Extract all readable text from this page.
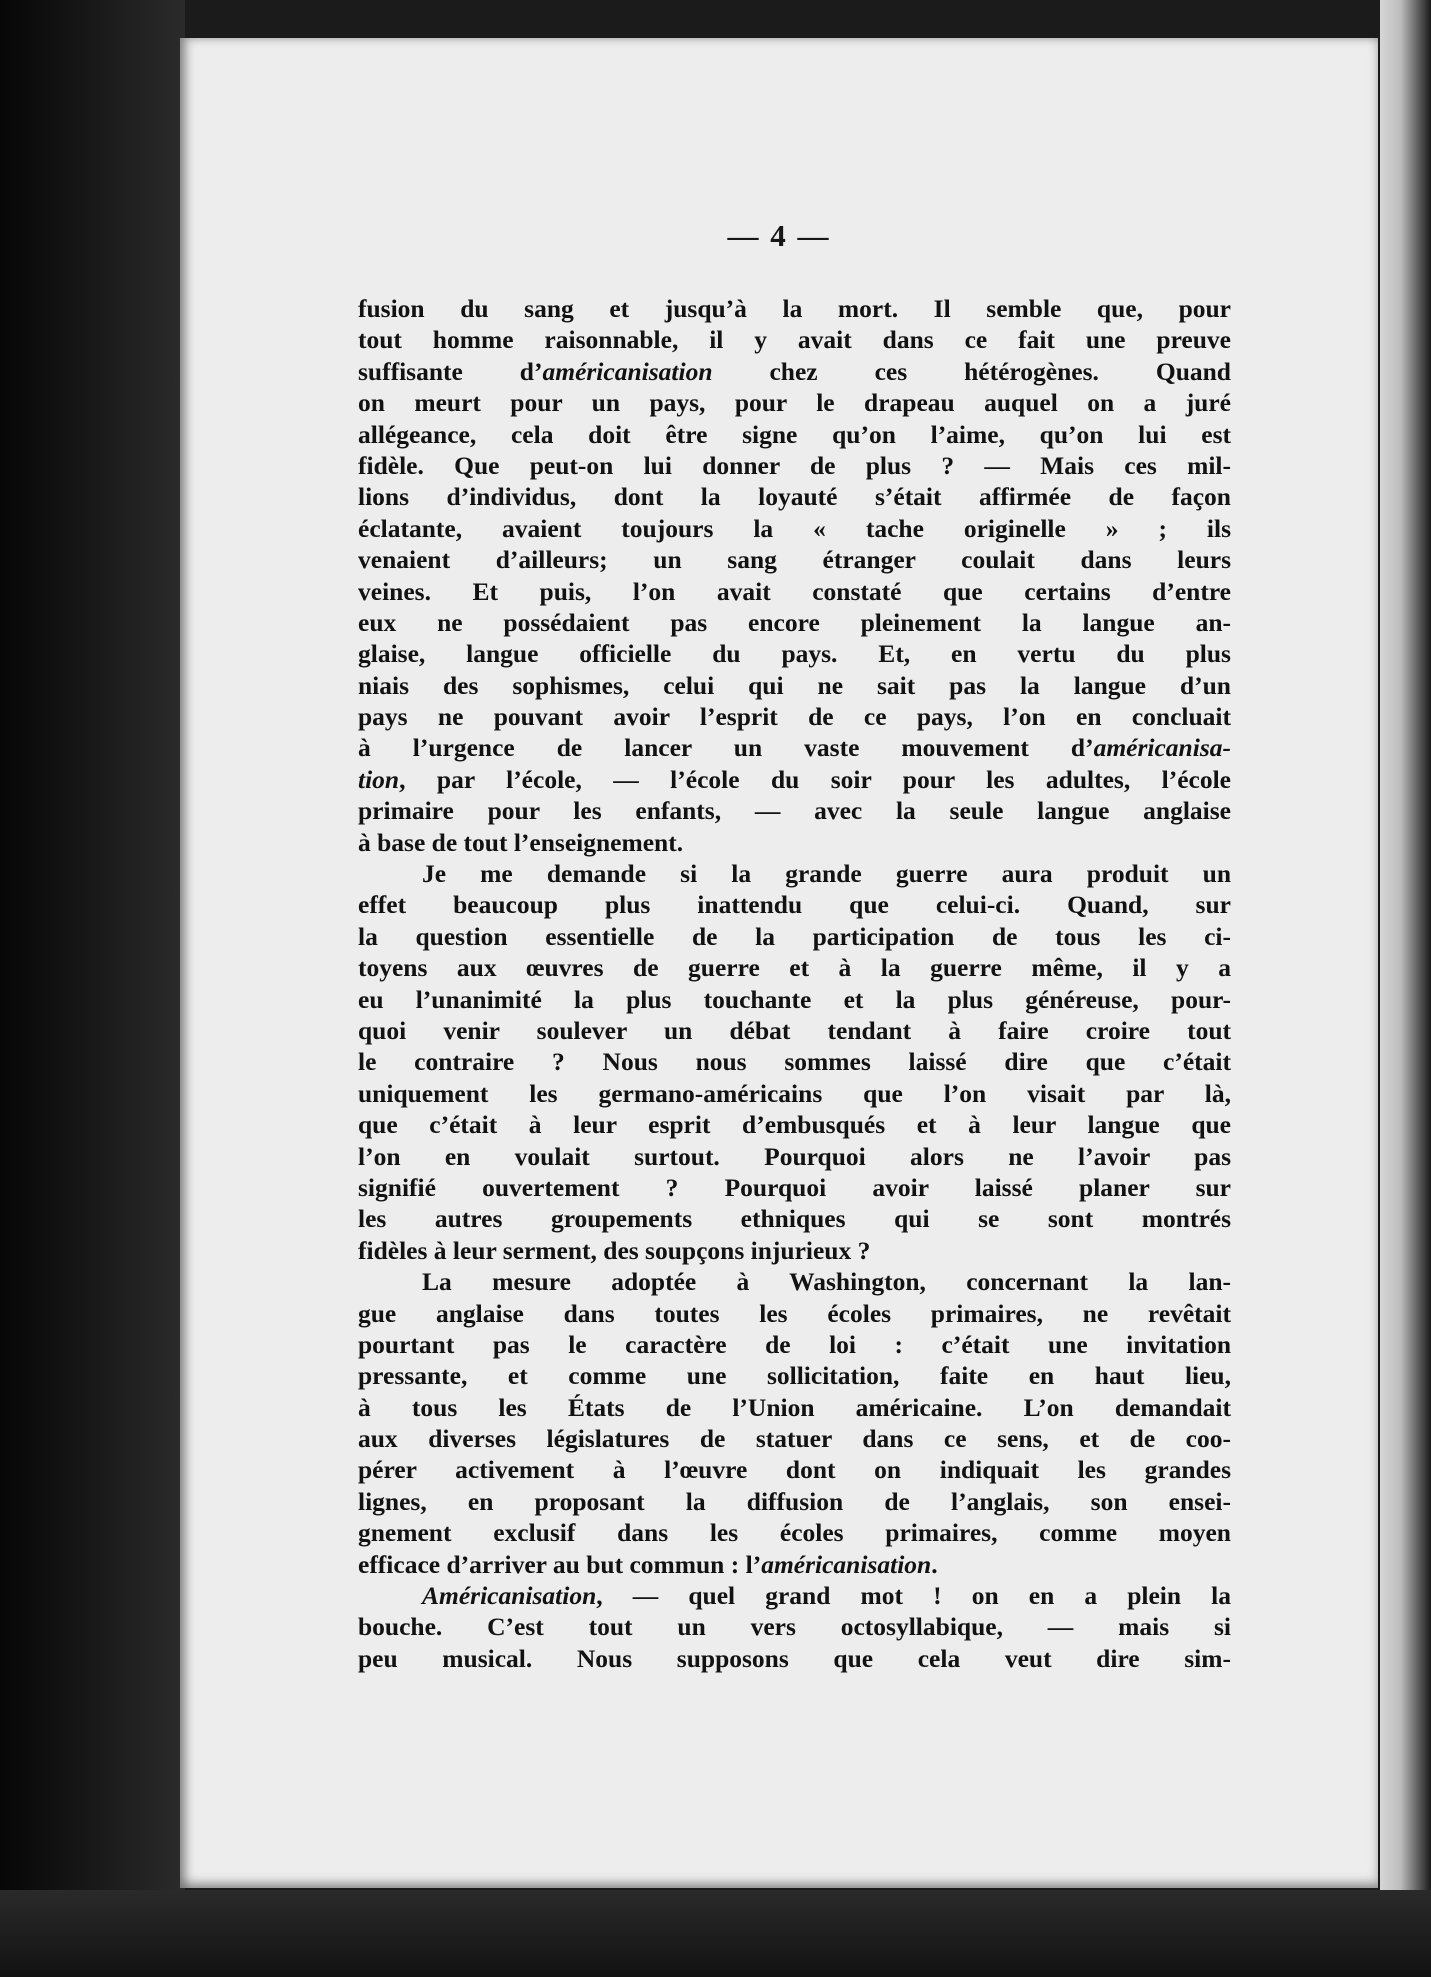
— 4 —
fusion du sang et jusqu’à la mort. Il semble que, pour
tout homme raisonnable, il y avait dans ce fait une preuve
suffisante d’américanisation chez ces hétérogènes. Quand
on meurt pour un pays, pour le drapeau auquel on a juré
allégeance, cela doit être signe qu’on l’aime, qu’on lui est
fidèle. Que peut-on lui donner de plus ? — Mais ces mil-
lions d’individus, dont la loyauté s’était affirmée de façon
éclatante, avaient toujours la « tache originelle » ; ils
venaient d’ailleurs; un sang étranger coulait dans leurs
veines. Et puis, l’on avait constaté que certains d’entre
eux ne possédaient pas encore pleinement la langue an-
glaise, langue officielle du pays. Et, en vertu du plus
niais des sophismes, celui qui ne sait pas la langue d’un
pays ne pouvant avoir l’esprit de ce pays, l’on en concluait
à l’urgence de lancer un vaste mouvement d’américanisa-
tion, par l’école, — l’école du soir pour les adultes, l’école
primaire pour les enfants, — avec la seule langue anglaise
à base de tout l’enseignement.
Je me demande si la grande guerre aura produit un
effet beaucoup plus inattendu que celui-ci. Quand, sur
la question essentielle de la participation de tous les ci-
toyens aux œuvres de guerre et à la guerre même, il y a
eu l’unanimité la plus touchante et la plus généreuse, pour-
quoi venir soulever un débat tendant à faire croire tout
le contraire ? Nous nous sommes laissé dire que c’était
uniquement les germano-américains que l’on visait par là,
que c’était à leur esprit d’embusqués et à leur langue que
l’on en voulait surtout. Pourquoi alors ne l’avoir pas
signifié ouvertement ? Pourquoi avoir laissé planer sur
les autres groupements ethniques qui se sont montrés
fidèles à leur serment, des soupçons injurieux ?
La mesure adoptée à Washington, concernant la lan-
gue anglaise dans toutes les écoles primaires, ne revêtait
pourtant pas le caractère de loi : c’était une invitation
pressante, et comme une sollicitation, faite en haut lieu,
à tous les États de l’Union américaine. L’on demandait
aux diverses législatures de statuer dans ce sens, et de coo-
pérer activement à l’œuvre dont on indiquait les grandes
lignes, en proposant la diffusion de l’anglais, son ensei-
gnement exclusif dans les écoles primaires, comme moyen
efficace d’arriver au but commun : l’américanisation.
Américanisation, — quel grand mot ! on en a plein la
bouche. C’est tout un vers octosyllabique, — mais si
peu musical. Nous supposons que cela veut dire sim-
